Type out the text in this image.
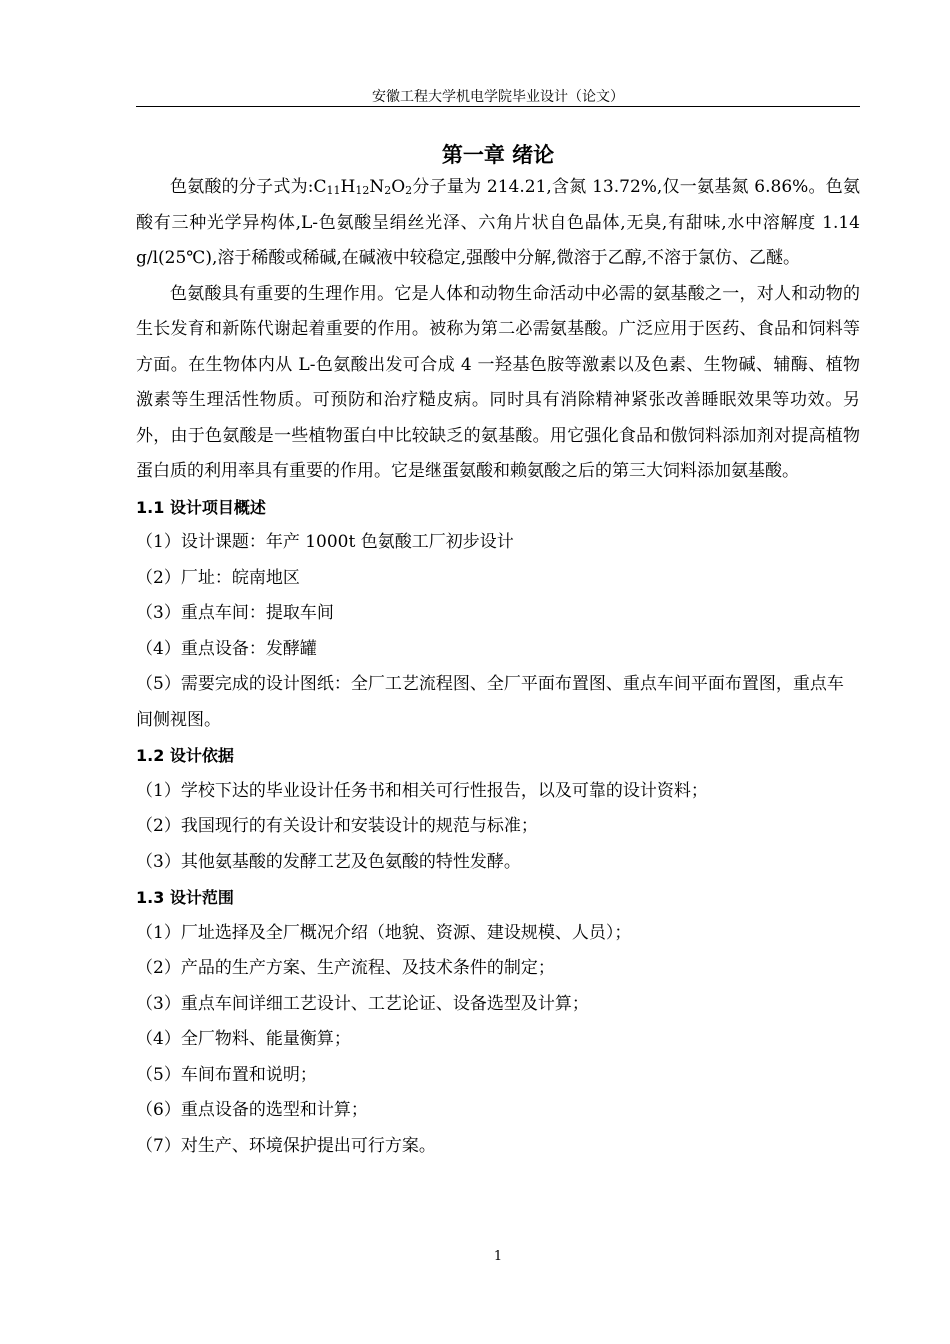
安徽工程大学机电学院毕业设计（论文）
第一章 绪论

色氨酸的分子式为$:C_{11}H_{12}N_2O_2$分子量为 214.21,含氮 13.72%,仅一氨基氮 6.86%。色氨酸有三种光学异构体,L-色氨酸呈绢丝光泽、六角片状自色晶体,无臭,有甜味,水中溶解度 1.14 g/l(25℃),溶于稀酸或稀碱,在碱液中较稳定,强酸中分解,微溶于乙醇,不溶于氯仿、乙醚。

色氨酸具有重要的生理作用。它是人体和动物生命活动中必需的氨基酸之一，对人和动物的生长发育和新陈代谢起着重要的作用。被称为第二必需氨基酸。广泛应用于医药、食品和饲料等方面。在生物体内从 L-色氨酸出发可合成 4 一羟基色胺等激素以及色素、生物碱、辅酶、植物激素等生理活性物质。可预防和治疗糙皮病。同时具有消除精神紧张改善睡眠效果等功效。另外，由于色氨酸是一些植物蛋白中比较缺乏的氨基酸。用它强化食品和傲饲料添加剂对提高植物蛋白质的利用率具有重要的作用。它是继蛋氨酸和赖氨酸之后的第三大饲料添加氨基酸。

1.1 设计项目概述

（1）设计课题：年产 1000t 色氨酸工厂初步设计

（2）厂址：皖南地区

（3）重点车间：提取车间

（4）重点设备：发酵罐

（5）需要完成的设计图纸：全厂工艺流程图、全厂平面布置图、重点车间平面布置图，重点车间侧视图。

1.2 设计依据

（1）学校下达的毕业设计任务书和相关可行性报告，以及可靠的设计资料；

（2）我国现行的有关设计和安装设计的规范与标准；

（3）其他氨基酸的发酵工艺及色氨酸的特性发酵。

1.3 设计范围

（1）厂址选择及全厂概况介绍（地貌、资源、建设规模、人员）；

（2）产品的生产方案、生产流程、及技术条件的制定；

（3）重点车间详细工艺设计、工艺论证、设备选型及计算；

（4）全厂物料、能量衡算；

（5）车间布置和说明；

（6）重点设备的选型和计算；

（7）对生产、环境保护提出可行方案。

1
